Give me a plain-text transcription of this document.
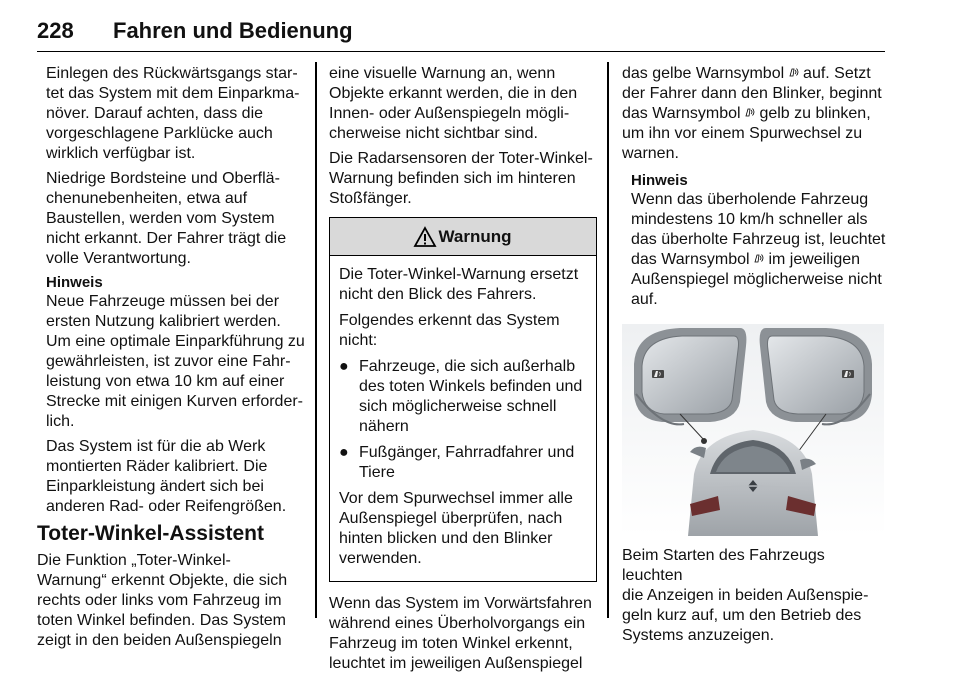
228 Fahren und Bedienung

Einlegen des Rückwärtsgangs star-
tet das System mit dem Einparkma-
növer. Darauf achten, dass die
vorgeschlagene Parklücke auch
wirklich verfügbar ist.

Niedrige Bordsteine und Oberflä-
chenunebenheiten, etwa auf
Baustellen, werden vom System
nicht erkannt. Der Fahrer trägt die
volle Verantwortung.

Hinweis
Neue Fahrzeuge müssen bei der
ersten Nutzung kalibriert werden.
Um eine optimale Einparkführung zu
gewährleisten, ist zuvor eine Fahr-
leistung von etwa 10 km auf einer
Strecke mit einigen Kurven erforder-
lich.

Das System ist für die ab Werk
montierten Räder kalibriert. Die
Einparkleistung ändert sich bei
anderen Rad- oder Reifengrößen.

Toter-Winkel-Assistent

Die Funktion „Toter-Winkel-
Warnung“ erkennt Objekte, die sich
rechts oder links vom Fahrzeug im
toten Winkel befinden. Das System
zeigt in den beiden Außenspiegeln

eine visuelle Warnung an, wenn
Objekte erkannt werden, die in den
Innen- oder Außenspiegeln mögli-
cherweise nicht sichtbar sind.

Die Radarsensoren der Toter-Winkel-
Warnung befinden sich im hinteren
Stoßfänger.

Warnung

Die Toter-Winkel-Warnung ersetzt
nicht den Blick des Fahrers.

Folgendes erkennt das System
nicht:

● Fahrzeuge, die sich außerhalb
des toten Winkels befinden und
sich möglicherweise schnell
nähern
● Fußgänger, Fahrradfahrer und
Tiere

Vor dem Spurwechsel immer alle
Außenspiegel überprüfen, nach
hinten blicken und den Blinker
verwenden.

Wenn das System im Vorwärtsfahren
während eines Überholvorgangs ein
Fahrzeug im toten Winkel erkennt,
leuchtet im jeweiligen Außenspiegel

das gelbe Warnsymbol  auf. Setzt
der Fahrer dann den Blinker, beginnt
das Warnsymbol  gelb zu blinken,
um ihn vor einem Spurwechsel zu
warnen.

Hinweis
Wenn das überholende Fahrzeug
mindestens 10 km/h schneller als
das überholte Fahrzeug ist, leuchtet
das Warnsymbol  im jeweiligen
Außenspiegel möglicherweise nicht
auf.

Beim Starten des Fahrzeugs leuchten
die Anzeigen in beiden Außenspie-
geln kurz auf, um den Betrieb des
Systems anzuzeigen.
